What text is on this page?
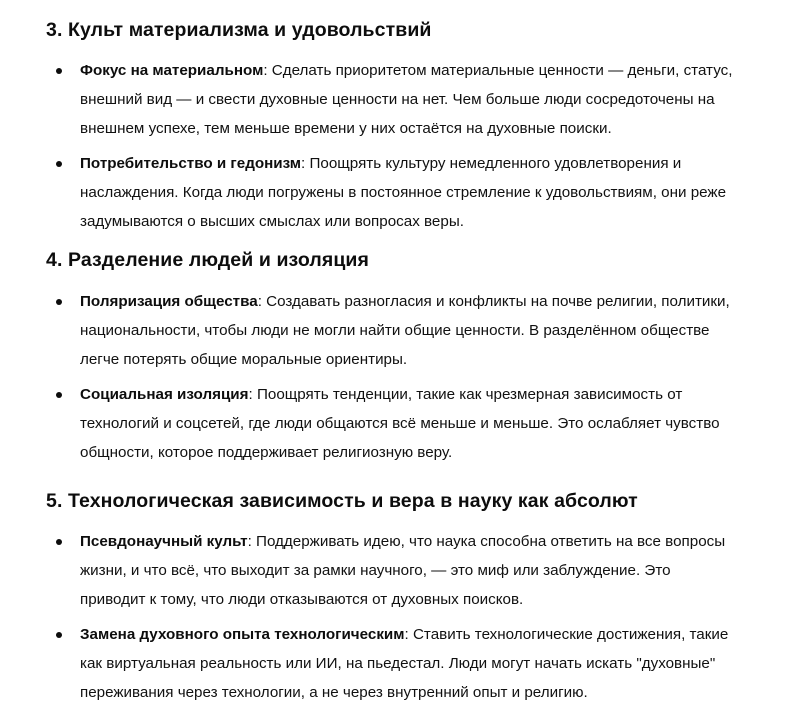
3. Культ материализма и удовольствий
Фокус на материальном: Сделать приоритетом материальные ценности — деньги, статус,
внешний вид — и свести духовные ценности на нет. Чем больше люди сосредоточены на
внешнем успехе, тем меньше времени у них остаётся на духовные поиски.
Потребительство и гедонизм: Поощрять культуру немедленного удовлетворения и
наслаждения. Когда люди погружены в постоянное стремление к удовольствиям, они реже
задумываются о высших смыслах или вопросах веры.
4. Разделение людей и изоляция
Поляризация общества: Создавать разногласия и конфликты на почве религии, политики,
национальности, чтобы люди не могли найти общие ценности. В разделённом обществе
легче потерять общие моральные ориентиры.
Социальная изоляция: Поощрять тенденции, такие как чрезмерная зависимость от
технологий и соцсетей, где люди общаются всё меньше и меньше. Это ослабляет чувство
общности, которое поддерживает религиозную веру.
5. Технологическая зависимость и вера в науку как абсолют
Псевдонаучный культ: Поддерживать идею, что наука способна ответить на все вопросы
жизни, и что всё, что выходит за рамки научного, — это миф или заблуждение. Это
приводит к тому, что люди отказываются от духовных поисков.
Замена духовного опыта технологическим: Ставить технологические достижения, такие
как виртуальная реальность или ИИ, на пьедестал. Люди могут начать искать "духовные"
переживания через технологии, а не через внутренний опыт и религию.
